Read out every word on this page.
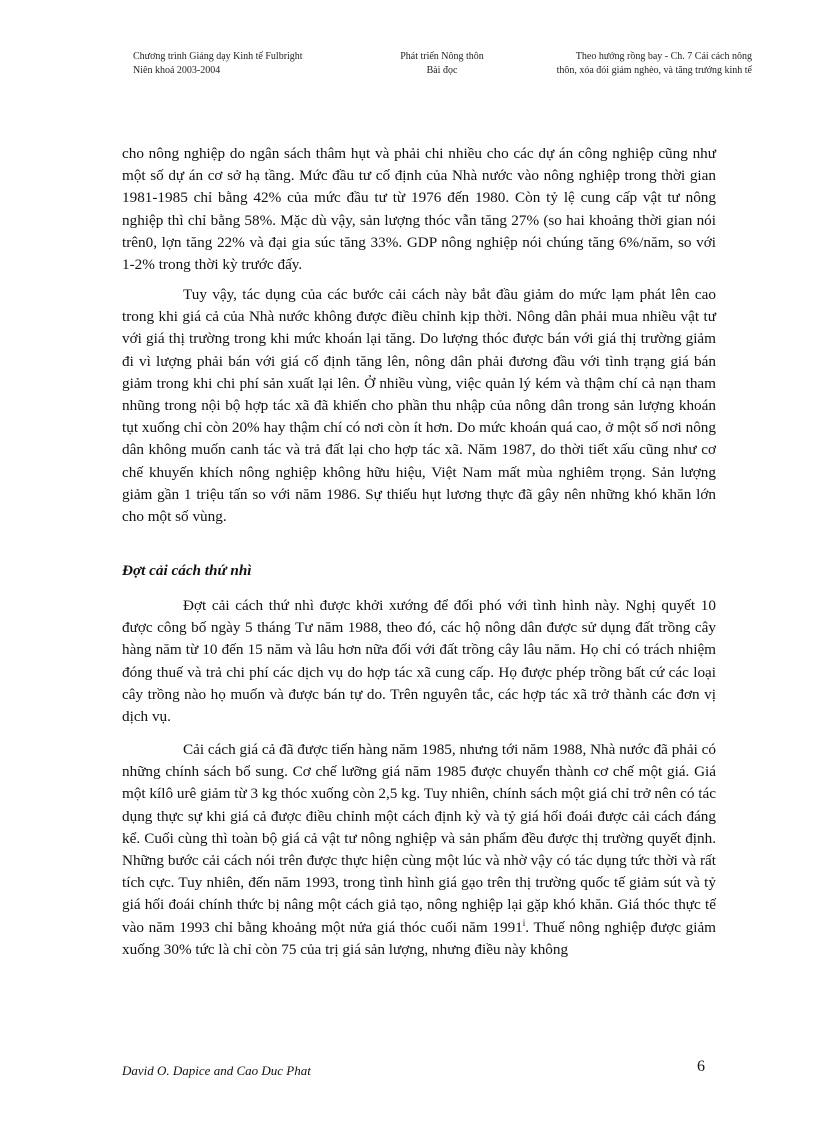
Chương trình Giảng dạy Kinh tế Fulbright
Niên khoá 2003-2004
Phát triển Nông thôn
Bài đọc
Theo hướng rồng bay - Ch. 7 Cải cách nông
thôn, xóa đói giảm nghèo, và tăng trưởng kinh tế

cho nông nghiệp do ngân sách thâm hụt và phải chi nhiều cho các dự án công nghiệp cũng như một số dự án cơ sở hạ tầng. Mức đầu tư cố định của Nhà nước vào nông nghiệp trong thời gian 1981-1985 chỉ bằng 42% của mức đầu tư từ 1976 đến 1980. Còn tỷ lệ cung cấp vật tư nông nghiệp thì chỉ bằng 58%. Mặc dù vậy, sản lượng thóc vẫn tăng 27% (so hai khoảng thời gian nói trên0, lợn tăng 22% và đại gia súc tăng 33%. GDP nông nghiệp nói chúng tăng 6%/năm, so với 1-2% trong thời kỳ trước đấy.

Tuy vậy, tác dụng của các bước cải cách này bắt đầu giảm do mức lạm phát lên cao trong khi giá cả của Nhà nước không được điều chỉnh kịp thời. Nông dân phải mua nhiều vật tư với giá thị trường trong khi mức khoán lại tăng. Do lượng thóc được bán với giá thị trường giảm đi vì lượng phải bán với giá cố định tăng lên, nông dân phải đương đầu với tình trạng giá bán giảm trong khi chi phí sản xuất lại lên. Ở nhiều vùng, việc quản lý kém và thậm chí cả nạn tham nhũng trong nội bộ hợp tác xã đã khiến cho phần thu nhập của nông dân trong sản lượng khoán tụt xuống chỉ còn 20% hay thậm chí có nơi còn ít hơn. Do mức khoán quá cao, ở một số nơi nông dân không muốn canh tác và trả đất lại cho hợp tác xã. Năm 1987, do thời tiết xấu cũng như cơ chế khuyến khích nông nghiệp không hữu hiệu, Việt Nam mất mùa nghiêm trọng. Sản lượng giảm gần 1 triệu tấn so với năm 1986. Sự thiếu hụt lương thực đã gây nên những khó khăn lớn cho một số vùng.

Đợt cải cách thứ nhì

Đợt cải cách thứ nhì được khởi xướng để đối phó với tình hình này. Nghị quyết 10 được công bố ngày 5 tháng Tư năm 1988, theo đó, các hộ nông dân được sử dụng đất trồng cây hàng năm từ 10 đến 15 năm và lâu hơn nữa đối với đất trồng cây lâu năm. Họ chỉ có trách nhiệm đóng thuế và trả chi phí các dịch vụ do hợp tác xã cung cấp. Họ được phép trồng bất cứ các loại cây trồng nào họ muốn và được bán tự do. Trên nguyên tắc, các hợp tác xã trở thành các đơn vị dịch vụ.

Cải cách giá cả đã được tiến hàng năm 1985, nhưng tới năm 1988, Nhà nước đã phải có những chính sách bổ sung. Cơ chế lưỡng giá năm 1985 được chuyển thành cơ chế một giá. Giá một kílô urê giảm từ 3 kg thóc xuống còn 2,5 kg. Tuy nhiên, chính sách một giá chỉ trở nên có tác dụng thực sự khi giá cả được điều chỉnh một cách định kỳ và tỷ giá hối đoái được cải cách đáng kể. Cuối cùng thì toàn bộ giá cả vật tư nông nghiệp và sản phẩm đều được thị trường quyết định. Những bước cải cách nói trên được thực hiện cùng một lúc và nhờ vậy có tác dụng tức thời và rất tích cực. Tuy nhiên, đến năm 1993, trong tình hình giá gạo trên thị trường quốc tế giảm sút và tỷ giá hối đoái chính thức bị nâng một cách giả tạo, nông nghiệp lại gặp khó khăn. Giá thóc thực tế vào năm 1993 chỉ bằng khoảng một nửa giá thóc cuối năm 1991$^i$. Thuế nông nghiệp được giảm xuống 30% tức là chỉ còn 75 của trị giá sản lượng, nhưng điều này không

David O. Dapice and Cao Duc Phat	6
